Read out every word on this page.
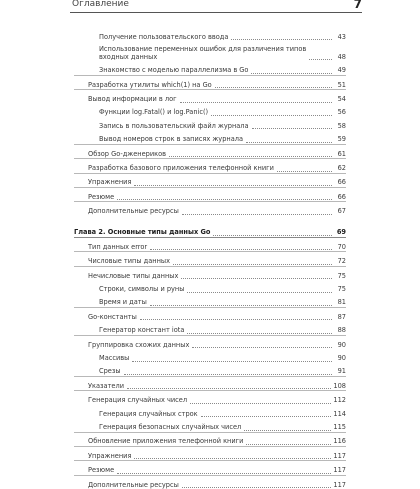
Оглавление	7
Получение пользовательского ввода	43
Использование переменных ошибок для различения типов
входных данных	48
Знакомство с моделью параллелизма в Go	49
Разработка утилиты which(1) на Go	51
Вывод информации в лог	54
Функции log.Fatal() и log.Panic()	56
Запись в пользовательский файл журнала	58
Вывод номеров строк в записях журнала	59
Обзор Go-дженериков	61
Разработка базового приложения телефонной книги	62
Упражнения	66
Резюме	66
Дополнительные ресурсы	67
Глава 2. Основные типы данных Go	69
Тип данных error	70
Числовые типы данных	72
Нечисловые типы данных	75
Строки, символы и руны	75
Время и даты	81
Go-константы	87
Генератор констант iota	88
Группировка схожих данных	90
Массивы	90
Срезы	91
Указатели	108
Генерация случайных чисел	112
Генерация случайных строк	114
Генерация безопасных случайных чисел	115
Обновление приложения телефонной книги	116
Упражнения	117
Резюме	117
Дополнительные ресурсы	117
